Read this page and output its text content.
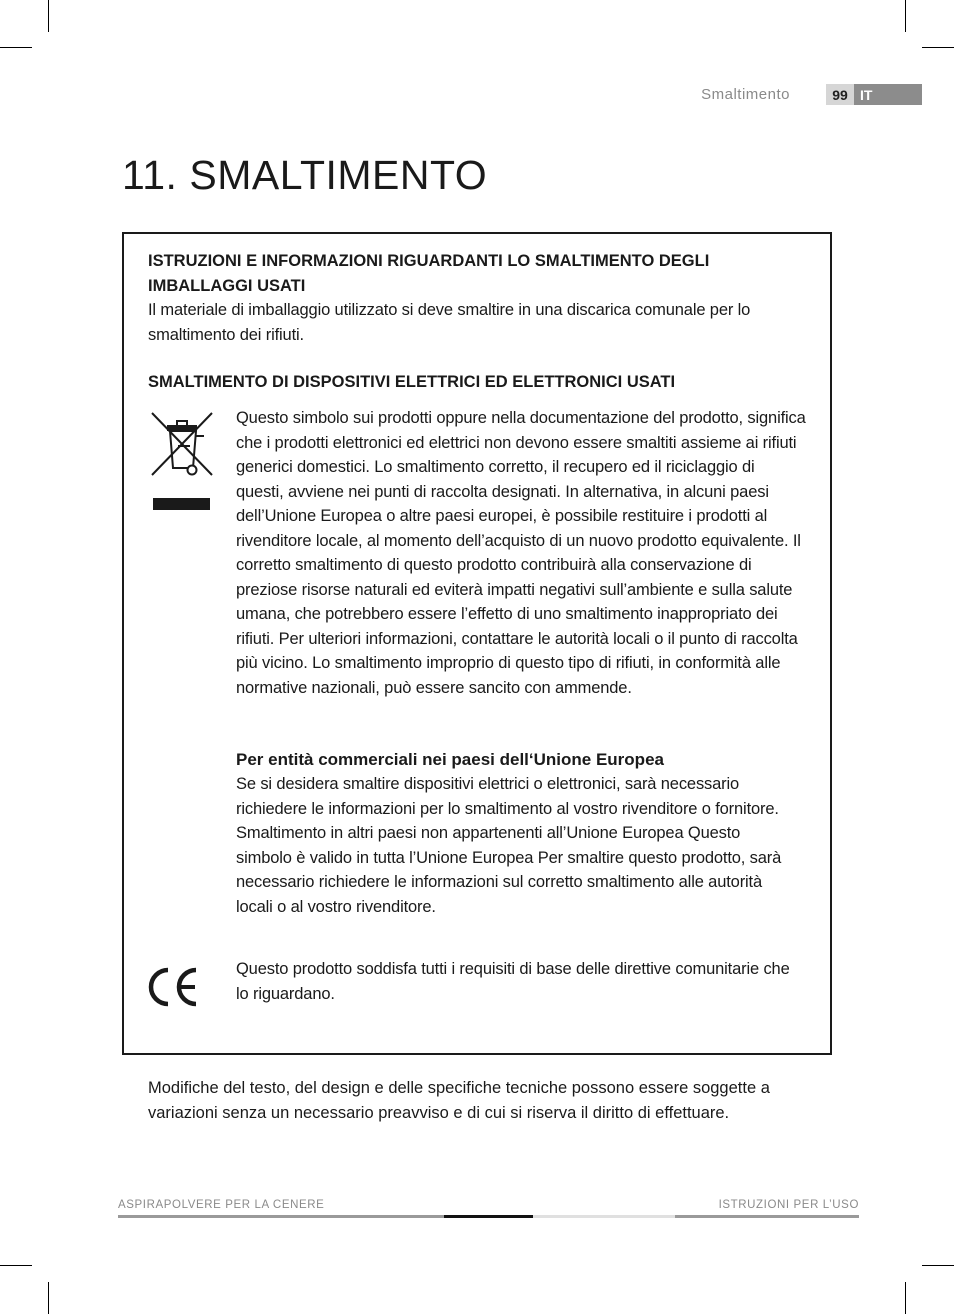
Smaltimento	99 IT
11. SMALTIMENTO
ISTRUZIONI E INFORMAZIONI RIGUARDANTI LO SMALTIMENTO DEGLI IMBALLAGGI USATI

Il materiale di imballaggio utilizzato si deve smaltire in una discarica comunale per lo smaltimento dei rifiuti.

SMALTIMENTO DI DISPOSITIVI ELETTRICI ED ELETTRONICI USATI

Questo simbolo sui prodotti oppure nella documentazione del prodotto, significa che i prodotti elettronici ed elettrici non devono essere smaltiti assieme ai rifiuti generici domestici. Lo smaltimento corretto, il recupero ed il riciclaggio di questi, avviene nei punti di raccolta designati. In alternativa, in alcuni paesi dell’Unione Europea o altre paesi europei, è possibile restituire i prodotti al rivenditore locale, al momento dell’acquisto di un nuovo prodotto equivalente. Il corretto smaltimento di questo prodotto contribuirà alla conservazione di preziose risorse naturali ed eviterà impatti negativi sull’ambiente e sulla salute umana, che potrebbero essere l’effetto di uno smaltimento inappropriato dei rifiuti. Per ulteriori informazioni, contattare le autorità locali o il punto di raccolta più vicino. Lo smaltimento improprio di questo tipo di rifiuti, in conformità alle normative nazionali, può essere sancito con ammende.

Per entità commerciali nei paesi dell‘Unione Europea

Se si desidera smaltire dispositivi elettrici o elettronici, sarà necessario richiedere le informazioni per lo smaltimento al vostro rivenditore o fornitore. Smaltimento in altri paesi non appartenenti all’Unione Europea Questo simbolo è valido in tutta l’Unione Europea Per smaltire questo prodotto, sarà necessario richiedere le informazioni sul corretto smaltimento alle autorità locali o al vostro rivenditore.

Questo prodotto soddisfa tutti i requisiti di base delle direttive comunitarie che lo riguardano.

Modifiche del testo, del design e delle specifiche tecniche possono essere soggette a variazioni senza un necessario preavviso e di cui si riserva il diritto di effettuare.

ASPIRAPOLVERE PER LA CENERE	ISTRUZIONI PER L’USO
